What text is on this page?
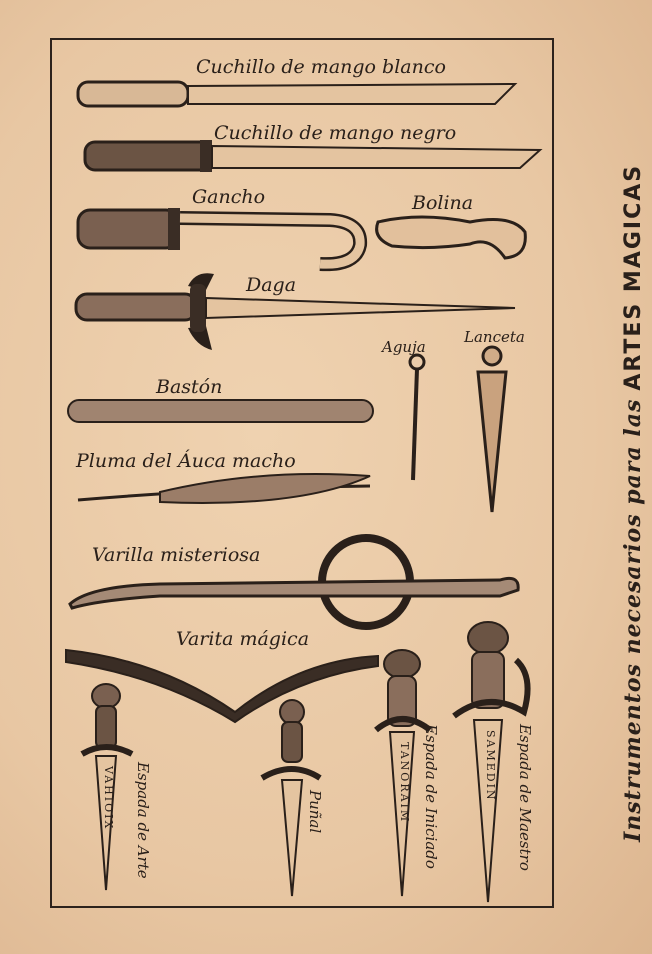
Cuchillo de mango blanco
Cuchillo de mango negro
Gancho	Bolina
Daga
Aguja
Lanceta
Bastón
Pluma del Áuca macho
Varilla misteriosa
Varita mágica
Espada de Arte	Puñal	Espada de Iniciado	Espada de Maestro
VAHIOIX	TANORAIM	SAMEDIN	Instrumentos necesarios para las ARTES MAGICAS
